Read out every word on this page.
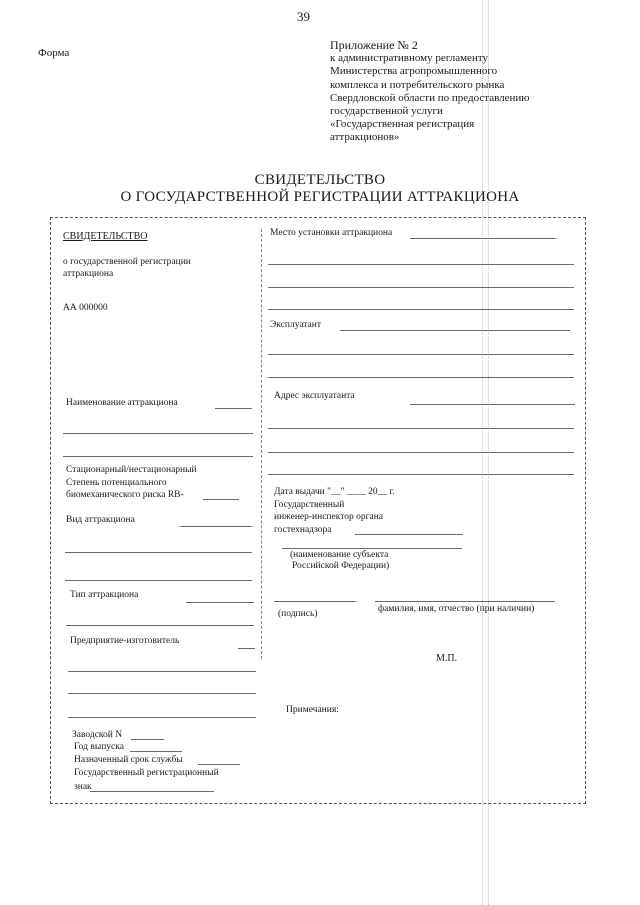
39
Форма
Приложение № 2
к административному регламенту
Министерства агропромышленного
комплекса и потребительского рынка
Свердловской области по предоставлению
государственной услуги
«Государственная регистрация
аттракционов»
СВИДЕТЕЛЬСТВО
О ГОСУДАРСТВЕННОЙ РЕГИСТРАЦИИ АТТРАКЦИОНА
СВИДЕТЕЛЬСТВО
о государственной регистрации
аттракциона
АА 000000
Наименование аттракциона
Стационарный/нестационарный
Степень потенциального
биомеханического риска RB-
Вид аттракциона
Тип аттракциона
Предприятие-изготовитель
Заводской N
Год выпуска
Назначенный срок службы
Государственный регистрационный
знак
Место установки аттракциона
Эксплуатант
Адрес эксплуатанта
Дата выдачи "__" ____ 20__ г.
Государственный
инженер-инспектор органа
гостехнадзора
(наименование субъекта
Российской Федерации)
(подпись)	фамилия, имя, отчество (при наличии)
М.П.
Примечания:
